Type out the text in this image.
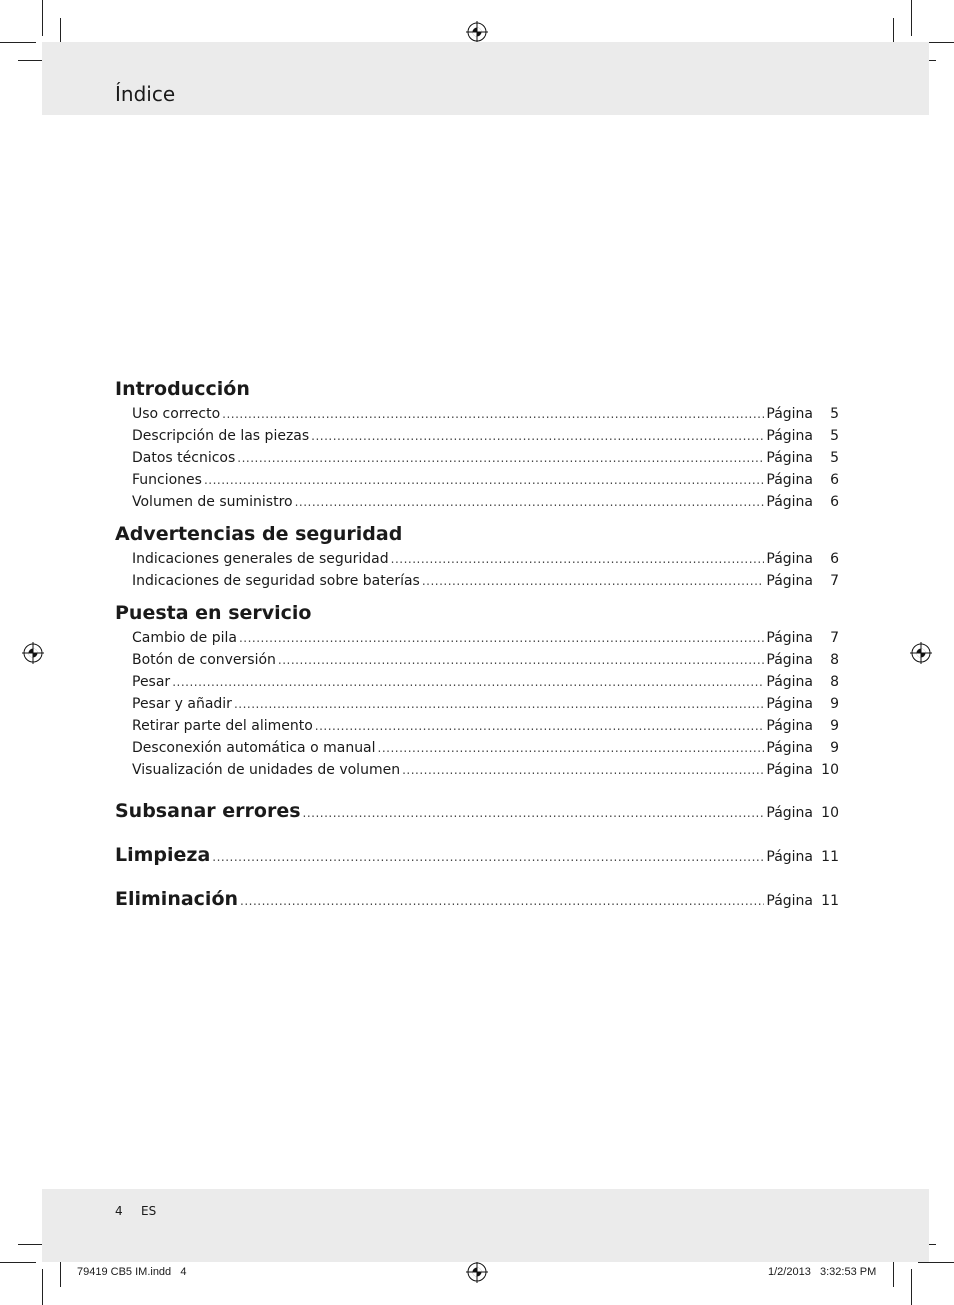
Índice
Introducción
Uso correcto .....	Página	5
Descripción de las piezas .....	Página	5
Datos técnicos .....	Página	5
Funciones .....	Página	6
Volumen de suministro .....	Página	6
Advertencias de seguridad
Indicaciones generales de seguridad .....	Página	6
Indicaciones de seguridad sobre baterías .....	Página	7
Puesta en servicio
Cambio de pila .....	Página	7
Botón de conversión .....	Página	8
Pesar .....	Página	8
Pesar y añadir .....	Página	9
Retirar parte del alimento .....	Página	9
Desconexión automática o manual .....	Página	9
Visualización de unidades de volumen .....	Página 10
Subsanar errores .....	Página 10
Limpieza .....	Página 11
Eliminación .....	Página 11
4 ES
79419 CB5 IM.indd   4	1/2/2013   3:32:53 PM
